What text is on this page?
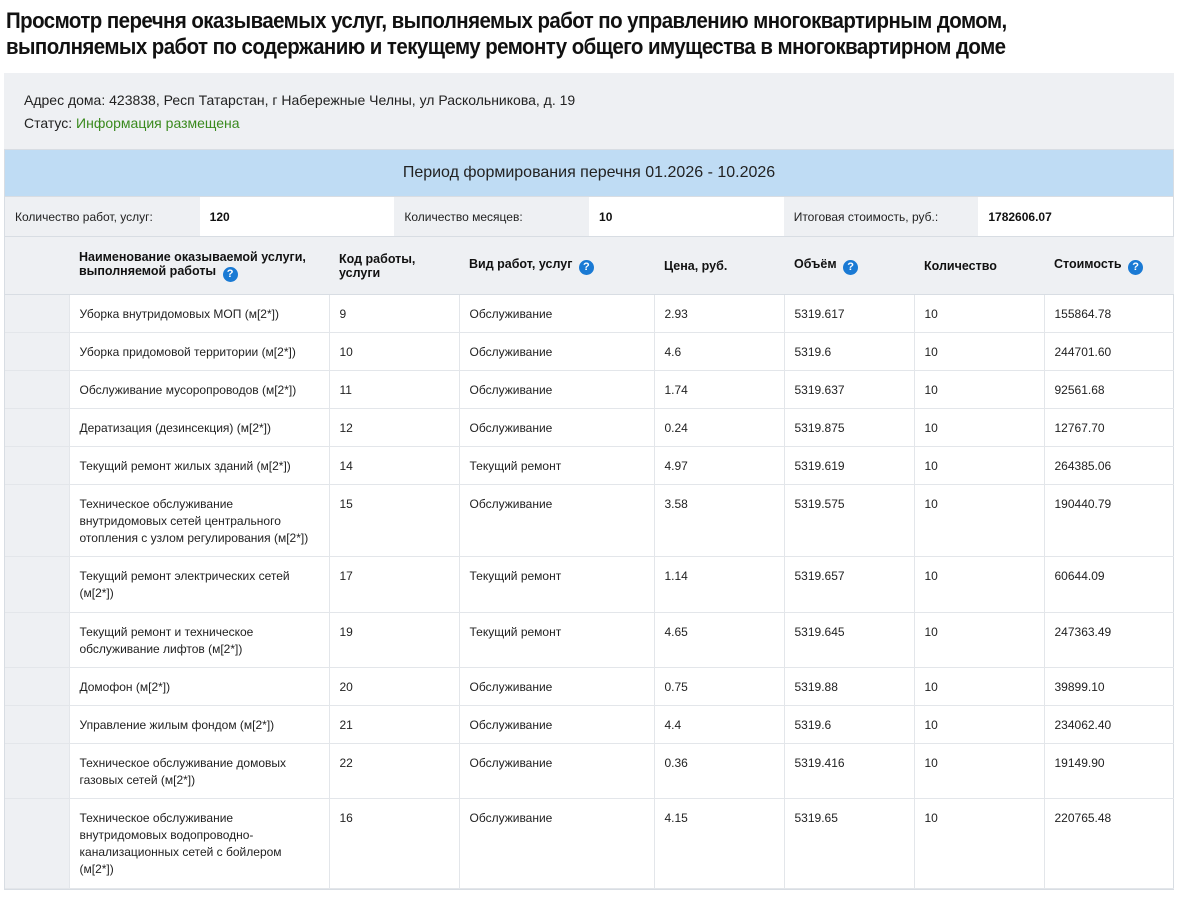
Просмотр перечня оказываемых услуг, выполняемых работ по управлению многоквартирным домом,
выполняемых работ по содержанию и текущему ремонту общего имущества в многоквартирном доме
Адрес дома: 423838, Респ Татарстан, г Набережные Челны, ул Раскольникова, д. 19
Статус: Информация размещена
Период формирования перечня 01.2026 - 10.2026
Количество работ, услуг:	120	Количество месяцев:	10	Итоговая стоимость, руб.:	1782606.07
	Наименование оказываемой услуги, выполняемой работы ?	Код работы, услуги	Вид работ, услуг ?	Цена, руб.	Объём ?	Количество	Стоимость ?
	Уборка внутридомовых МОП (м[2*])	9	Обслуживание	2.93	5319.617	10	155864.78
	Уборка придомовой территории (м[2*])	10	Обслуживание	4.6	5319.6	10	244701.60
	Обслуживание мусоропроводов (м[2*])	11	Обслуживание	1.74	5319.637	10	92561.68
	Дератизация (дезинсекция) (м[2*])	12	Обслуживание	0.24	5319.875	10	12767.70
	Текущий ремонт жилых зданий (м[2*])	14	Текущий ремонт	4.97	5319.619	10	264385.06
	Техническое обслуживание внутридомовых сетей центрального отопления с узлом регулирования (м[2*])	15	Обслуживание	3.58	5319.575	10	190440.79
	Текущий ремонт электрических сетей (м[2*])	17	Текущий ремонт	1.14	5319.657	10	60644.09
	Текущий ремонт и техническое обслуживание лифтов (м[2*])	19	Текущий ремонт	4.65	5319.645	10	247363.49
	Домофон (м[2*])	20	Обслуживание	0.75	5319.88	10	39899.10
	Управление жилым фондом (м[2*])	21	Обслуживание	4.4	5319.6	10	234062.40
	Техническое обслуживание домовых газовых сетей (м[2*])	22	Обслуживание	0.36	5319.416	10	19149.90
	Техническое обслуживание внутридомовых водопроводно-канализационных сетей с бойлером (м[2*])	16	Обслуживание	4.15	5319.65	10	220765.48
